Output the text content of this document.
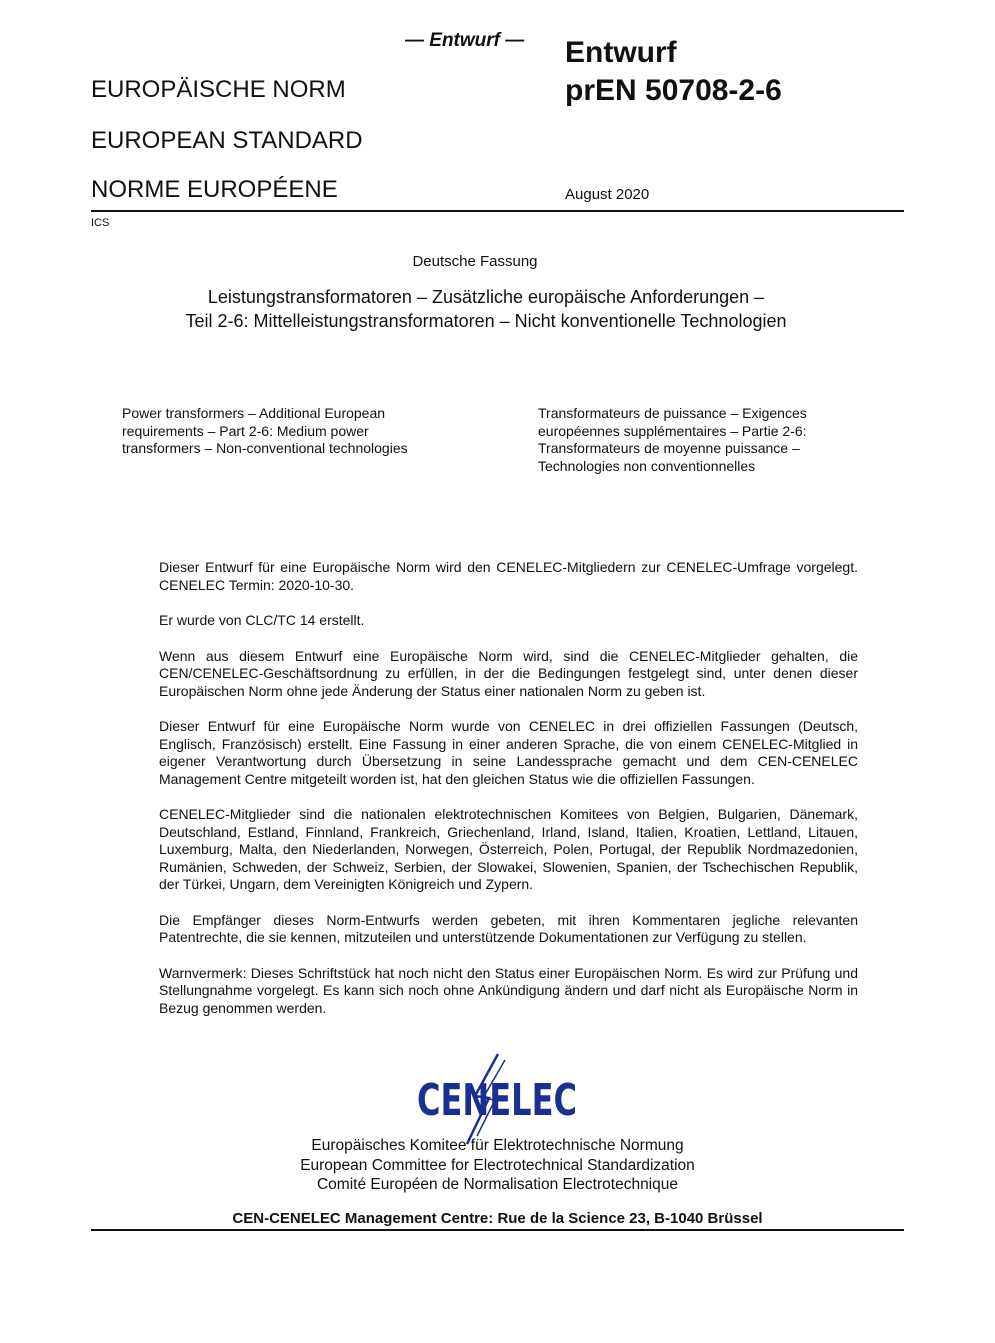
— Entwurf — Entwurf
prEN 50708-2-6
EUROPÄISCHE NORM
EUROPEAN STANDARD
NORME EUROPÉENE	August 2020
ICS
Deutsche Fassung
Leistungstransformatoren – Zusätzliche europäische Anforderungen –
Teil 2-6: Mittelleistungstransformatoren – Nicht konventionelle Technologien
Power transformers – Additional European requirements – Part 2-6: Medium power transformers – Non-conventional technologies
Transformateurs de puissance – Exigences européennes supplémentaires – Partie 2-6: Transformateurs de moyenne puissance – Technologies non conventionnelles

Dieser Entwurf für eine Europäische Norm wird den CENELEC-Mitgliedern zur CENELEC-Umfrage vorgelegt. CENELEC Termin: 2020-10-30.

Er wurde von CLC/TC 14 erstellt.

Wenn aus diesem Entwurf eine Europäische Norm wird, sind die CENELEC-Mitglieder gehalten, die CEN/CENELEC-Geschäftsordnung zu erfüllen, in der die Bedingungen festgelegt sind, unter denen dieser Europäischen Norm ohne jede Änderung der Status einer nationalen Norm zu geben ist.

Dieser Entwurf für eine Europäische Norm wurde von CENELEC in drei offiziellen Fassungen (Deutsch, Englisch, Französisch) erstellt. Eine Fassung in einer anderen Sprache, die von einem CENELEC-Mitglied in eigener Verantwortung durch Übersetzung in seine Landessprache gemacht und dem CEN-CENELEC Management Centre mitgeteilt worden ist, hat den gleichen Status wie die offiziellen Fassungen.

CENELEC-Mitglieder sind die nationalen elektrotechnischen Komitees von Belgien, Bulgarien, Dänemark, Deutschland, Estland, Finnland, Frankreich, Griechenland, Irland, Island, Italien, Kroatien, Lettland, Litauen, Luxemburg, Malta, den Niederlanden, Norwegen, Österreich, Polen, Portugal, der Republik Nordmazedonien, Rumänien, Schweden, der Schweiz, Serbien, der Slowakei, Slowenien, Spanien, der Tschechischen Republik, der Türkei, Ungarn, dem Vereinigten Königreich und Zypern.

Die Empfänger dieses Norm-Entwurfs werden gebeten, mit ihren Kommentaren jegliche relevanten Patentrechte, die sie kennen, mitzuteilen und unterstützende Dokumentationen zur Verfügung zu stellen.

Warnvermerk: Dieses Schriftstück hat noch nicht den Status einer Europäischen Norm. Es wird zur Prüfung und Stellungnahme vorgelegt. Es kann sich noch ohne Ankündigung ändern und darf nicht als Europäische Norm in Bezug genommen werden.

CENELEC
Europäisches Komitee für Elektrotechnische Normung
European Committee for Electrotechnical Standardization
Comité Européen de Normalisation Electrotechnique
CEN-CENELEC Management Centre: Rue de la Science 23, B-1040 Brüssel
